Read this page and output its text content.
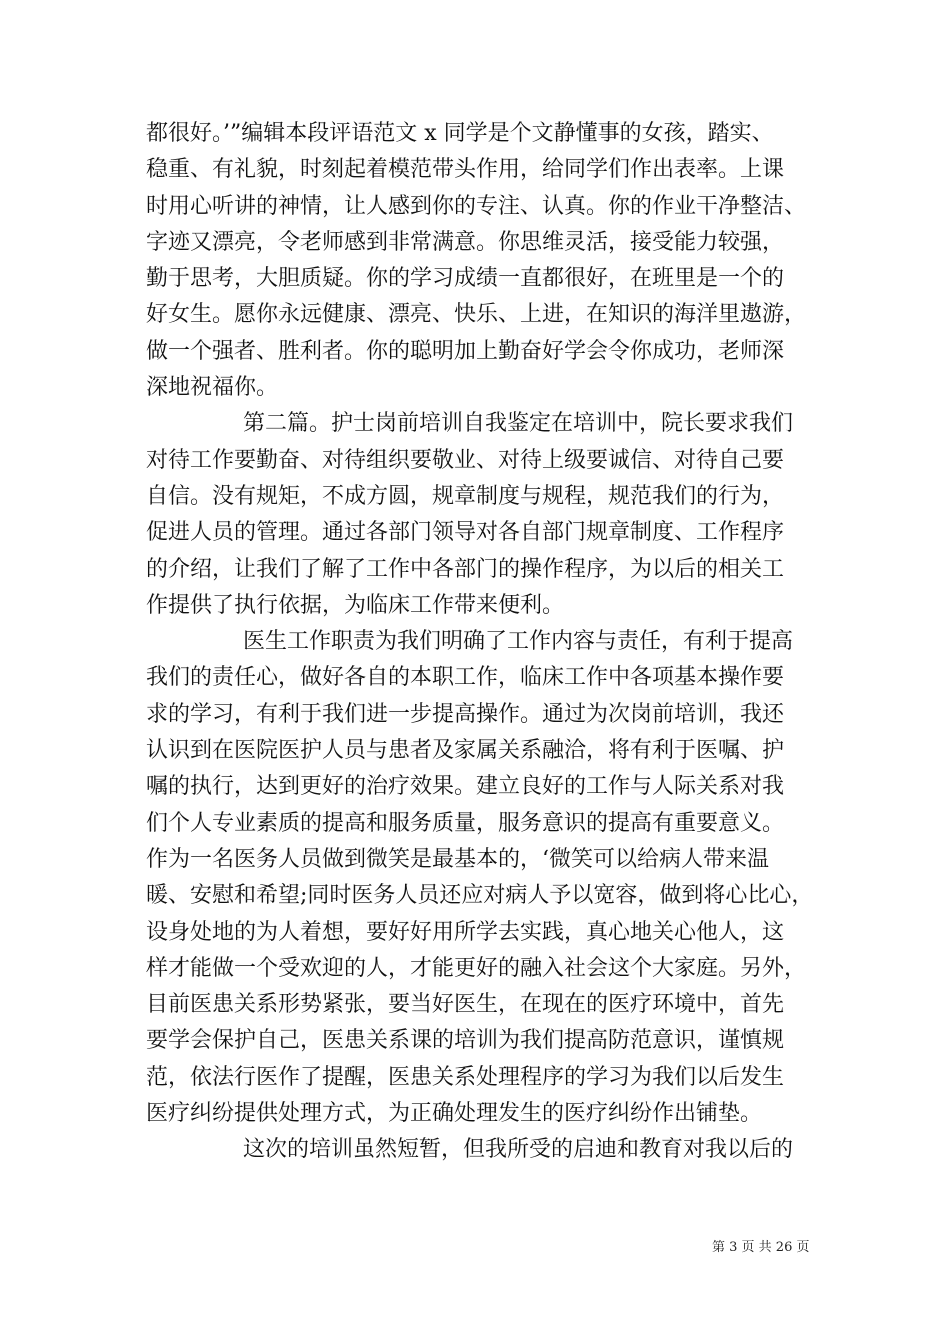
都很好。’”编辑本段评语范文 x 同学是个文静懂事的女孩，踏实、
稳重、有礼貌，时刻起着模范带头作用，给同学们作出表率。上课
时用心听讲的神情，让人感到你的专注、认真。你的作业干净整洁、
字迹又漂亮，令老师感到非常满意。你思维灵活，接受能力较强，
勤于思考，大胆质疑。你的学习成绩一直都很好，在班里是一个的
好女生。愿你永远健康、漂亮、快乐、上进，在知识的海洋里遨游，
做一个强者、胜利者。你的聪明加上勤奋好学会令你成功，老师深
深地祝福你。
第二篇。护士岗前培训自我鉴定在培训中，院长要求我们
对待工作要勤奋、对待组织要敬业、对待上级要诚信、对待自己要
自信。没有规矩，不成方圆，规章制度与规程，规范我们的行为，
促进人员的管理。通过各部门领导对各自部门规章制度、工作程序
的介绍，让我们了解了工作中各部门的操作程序，为以后的相关工
作提供了执行依据，为临床工作带来便利。
医生工作职责为我们明确了工作内容与责任，有利于提高
我们的责任心，做好各自的本职工作，临床工作中各项基本操作要
求的学习，有利于我们进一步提高操作。通过为次岗前培训，我还
认识到在医院医护人员与患者及家属关系融洽，将有利于医嘱、护
嘱的执行，达到更好的治疗效果。建立良好的工作与人际关系对我
们个人专业素质的提高和服务质量，服务意识的提高有重要意义。
作为一名医务人员做到微笑是最基本的，‘微笑可以给病人带来温
暖、安慰和希望;同时医务人员还应对病人予以宽容，做到将心比心，
设身处地的为人着想，要好好用所学去实践，真心地关心他人，这
样才能做一个受欢迎的人，才能更好的融入社会这个大家庭。另外，
目前医患关系形势紧张，要当好医生，在现在的医疗环境中，首先
要学会保护自己，医患关系课的培训为我们提高防范意识，谨慎规
范，依法行医作了提醒，医患关系处理程序的学习为我们以后发生
医疗纠纷提供处理方式，为正确处理发生的医疗纠纷作出铺垫。
这次的培训虽然短暂，但我所受的启迪和教育对我以后的
第 3 页 共 26 页
